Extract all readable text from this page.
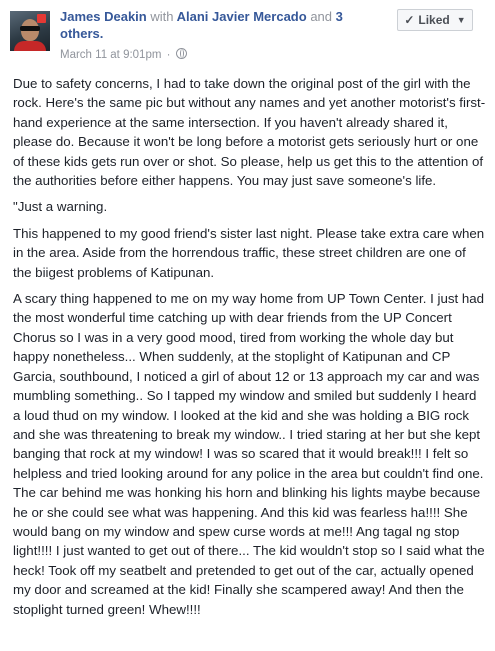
James Deakin with Alani Javier Mercado and 3 others.
March 11 at 9:01pm ·
✓ Liked ▼

Due to safety concerns, I had to take down the original post of the girl with the rock. Here's the same pic but without any names and yet another motorist's first-hand experience at the same intersection. If you haven't already shared it, please do. Because it won't be long before a motorist gets seriously hurt or one of these kids gets run over or shot. So please, help us get this to the attention of the authorities before either happens. You may just save someone's life.

"Just a warning.

This happened to my good friend's sister last night. Please take extra care when in the area. Aside from the horrendous traffic, these street children are one of the biigest problems of Katipunan.

A scary thing happened to me on my way home from UP Town Center. I just had the most wonderful time catching up with dear friends from the UP Concert Chorus so I was in a very good mood, tired from working the whole day but happy nonetheless... When suddenly, at the stoplight of Katipunan and CP Garcia, southbound, I noticed a girl of about 12 or 13 approach my car and was mumbling something.. So I tapped my window and smiled but suddenly I heard a loud thud on my window. I looked at the kid and she was holding a BIG rock and she was threatening to break my window.. I tried staring at her but she kept banging that rock at my window! I was so scared that it would break!!! I felt so helpless and tried looking around for any police in the area but couldn't find one. The car behind me was honking his horn and blinking his lights maybe because he or she could see what was happening. And this kid was fearless ha!!!! She would bang on my window and spew curse words at me!!! Ang tagal ng stop light!!!! I just wanted to get out of there... The kid wouldn't stop so I said what the heck! Took off my seatbelt and pretended to get out of the car, actually opened my door and screamed at the kid! Finally she scampered away! And then the stoplight turned green! Whew!!!!
